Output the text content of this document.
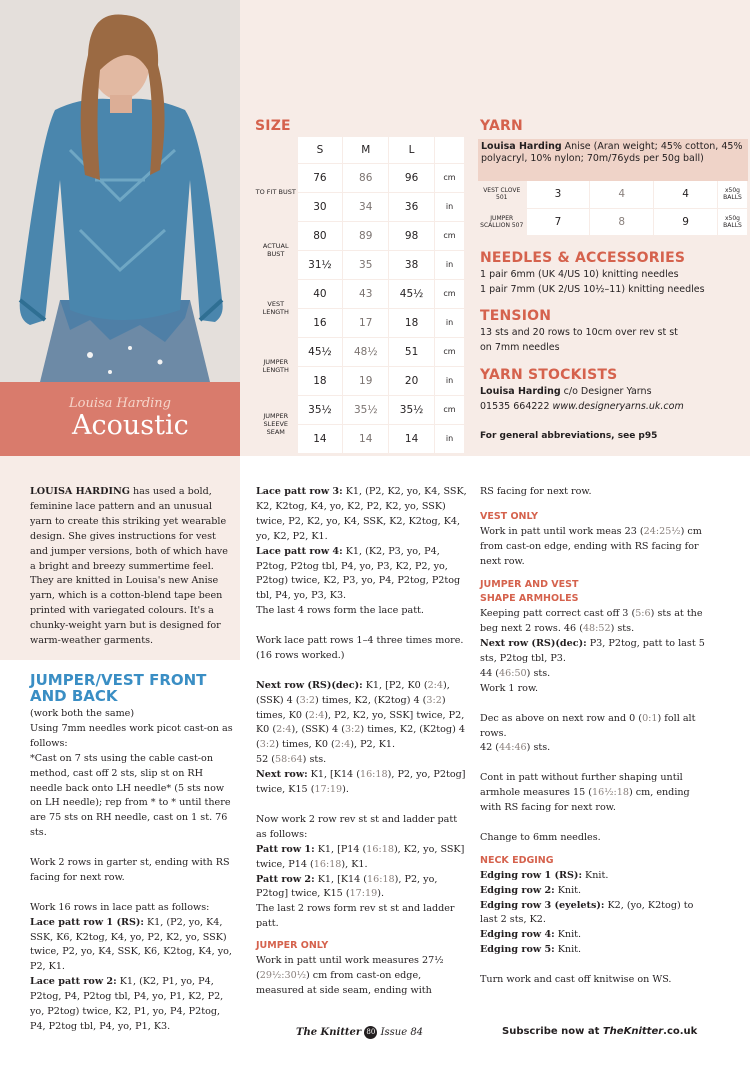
Louisa Harding
Acoustic
SIZE
	S	M	L	
TO FIT BUST	76	86	96	cm
	30	34	36	in
ACTUAL BUST	80	89	98	cm
	31½	35	38	in
VEST LENGTH	40	43	45½	cm
	16	17	18	in
JUMPER LENGTH	45½	48½	51	cm
	18	19	20	in
JUMPER SLEEVE SEAM	35½	35½	35½	cm
	14	14	14	in
YARN
Louisa Harding Anise (Aran weight; 45% cotton, 45% polyacryl, 10% nylon; 70m/76yds per 50g ball)
VEST CLOVE 501	3	4	4	x50g BALLS
JUMPER SCALLION 507	7	8	9	x50g BALLS
NEEDLES & ACCESSORIES
1 pair 6mm (UK 4/US 10) knitting needles
1 pair 7mm (UK 2/US 10½–11) knitting needles
TENSION
13 sts and 20 rows to 10cm over rev st st
on 7mm needles
YARN STOCKISTS
Louisa Harding c/o Designer Yarns
01535 664222 www.designeryarns.uk.com
For general abbreviations, see p95
LOUISA HARDING has used a bold, feminine lace pattern and an unusual yarn to create this striking yet wearable design. She gives instructions for vest and jumper versions, both of which have a bright and breezy summertime feel. They are knitted in Louisa's new Anise yarn, which is a cotton-blend tape been printed with variegated colours. It's a chunky-weight yarn but is designed for warm-weather garments.
JUMPER/VEST FRONT AND BACK

(work both the same)

Using 7mm needles work picot cast-on as follows:

*Cast on 7 sts using the cable cast-on method, cast off 2 sts, slip st on RH needle back onto LH needle* (5 sts now on LH needle); rep from * to * until there are 75 sts on RH needle, cast on 1 st. 76 sts.

Work 2 rows in garter st, ending with RS facing for next row.

Work 16 rows in lace patt as follows:

Lace patt row 1 (RS): K1, (P2, yo, K4, SSK, K6, K2tog, K4, yo, P2, K2, yo, SSK) twice, P2, yo, K4, SSK, K6, K2tog, K4, yo, P2, K1.

Lace patt row 2: K1, (K2, P1, yo, P4, P2tog, P4, P2tog tbl, P4, yo, P1, K2, P2, yo, P2tog) twice, K2, P1, yo, P4, P2tog, P4, P2tog tbl, P4, yo, P1, K3.

Lace patt row 3: K1, (P2, K2, yo, K4, SSK, K2, K2tog, K4, yo, K2, P2, K2, yo, SSK) twice, P2, K2, yo, K4, SSK, K2, K2tog, K4, yo, K2, P2, K1.

Lace patt row 4: K1, (K2, P3, yo, P4, P2tog, P2tog tbl, P4, yo, P3, K2, P2, yo, P2tog) twice, K2, P3, yo, P4, P2tog, P2tog tbl, P4, yo, P3, K3.

The last 4 rows form the lace patt.

Work lace patt rows 1–4 three times more. (16 rows worked.)

Next row (RS)(dec): K1, [P2, K0 (2:4), (SSK) 4 (3:2) times, K2, (K2tog) 4 (3:2) times, K0 (2:4), P2, K2, yo, SSK] twice, P2, K0 (2:4), (SSK) 4 (3:2) times, K2, (K2tog) 4 (3:2) times, K0 (2:4), P2, K1.

52 (58:64) sts.

Next row: K1, [K14 (16:18), P2, yo, P2tog] twice, K15 (17:19).

Now work 2 row rev st st and ladder patt as follows:

Patt row 1: K1, [P14 (16:18), K2, yo, SSK] twice, P14 (16:18), K1.

Patt row 2: K1, [K14 (16:18), P2, yo, P2tog] twice, K15 (17:19).

The last 2 rows form rev st st and ladder patt.

JUMPER ONLY

Work in patt until work measures 27½ (29½:30½) cm from cast-on edge, measured at side seam, ending with

RS facing for next row.

VEST ONLY

Work in patt until work meas 23 (24:25½) cm from cast-on edge, ending with RS facing for next row.

JUMPER AND VEST

SHAPE ARMHOLES

Keeping patt correct cast off 3 (5:6) sts at the beg next 2 rows. 46 (48:52) sts.

Next row (RS)(dec): P3, P2tog, patt to last 5 sts, P2tog tbl, P3.

44 (46:50) sts.

Work 1 row.

Dec as above on next row and 0 (0:1) foll alt rows.

42 (44:46) sts.

Cont in patt without further shaping until armhole measures 15 (16½:18) cm, ending with RS facing for next row.

Change to 6mm needles.

NECK EDGING

Edging row 1 (RS): Knit.

Edging row 2: Knit.

Edging row 3 (eyelets): K2, (yo, K2tog) to last 2 sts, K2.

Edging row 4: Knit.

Edging row 5: Knit.

Turn work and cast off knitwise on WS.

The Knitter 80 Issue 84	Subscribe now at TheKnitter.co.uk
